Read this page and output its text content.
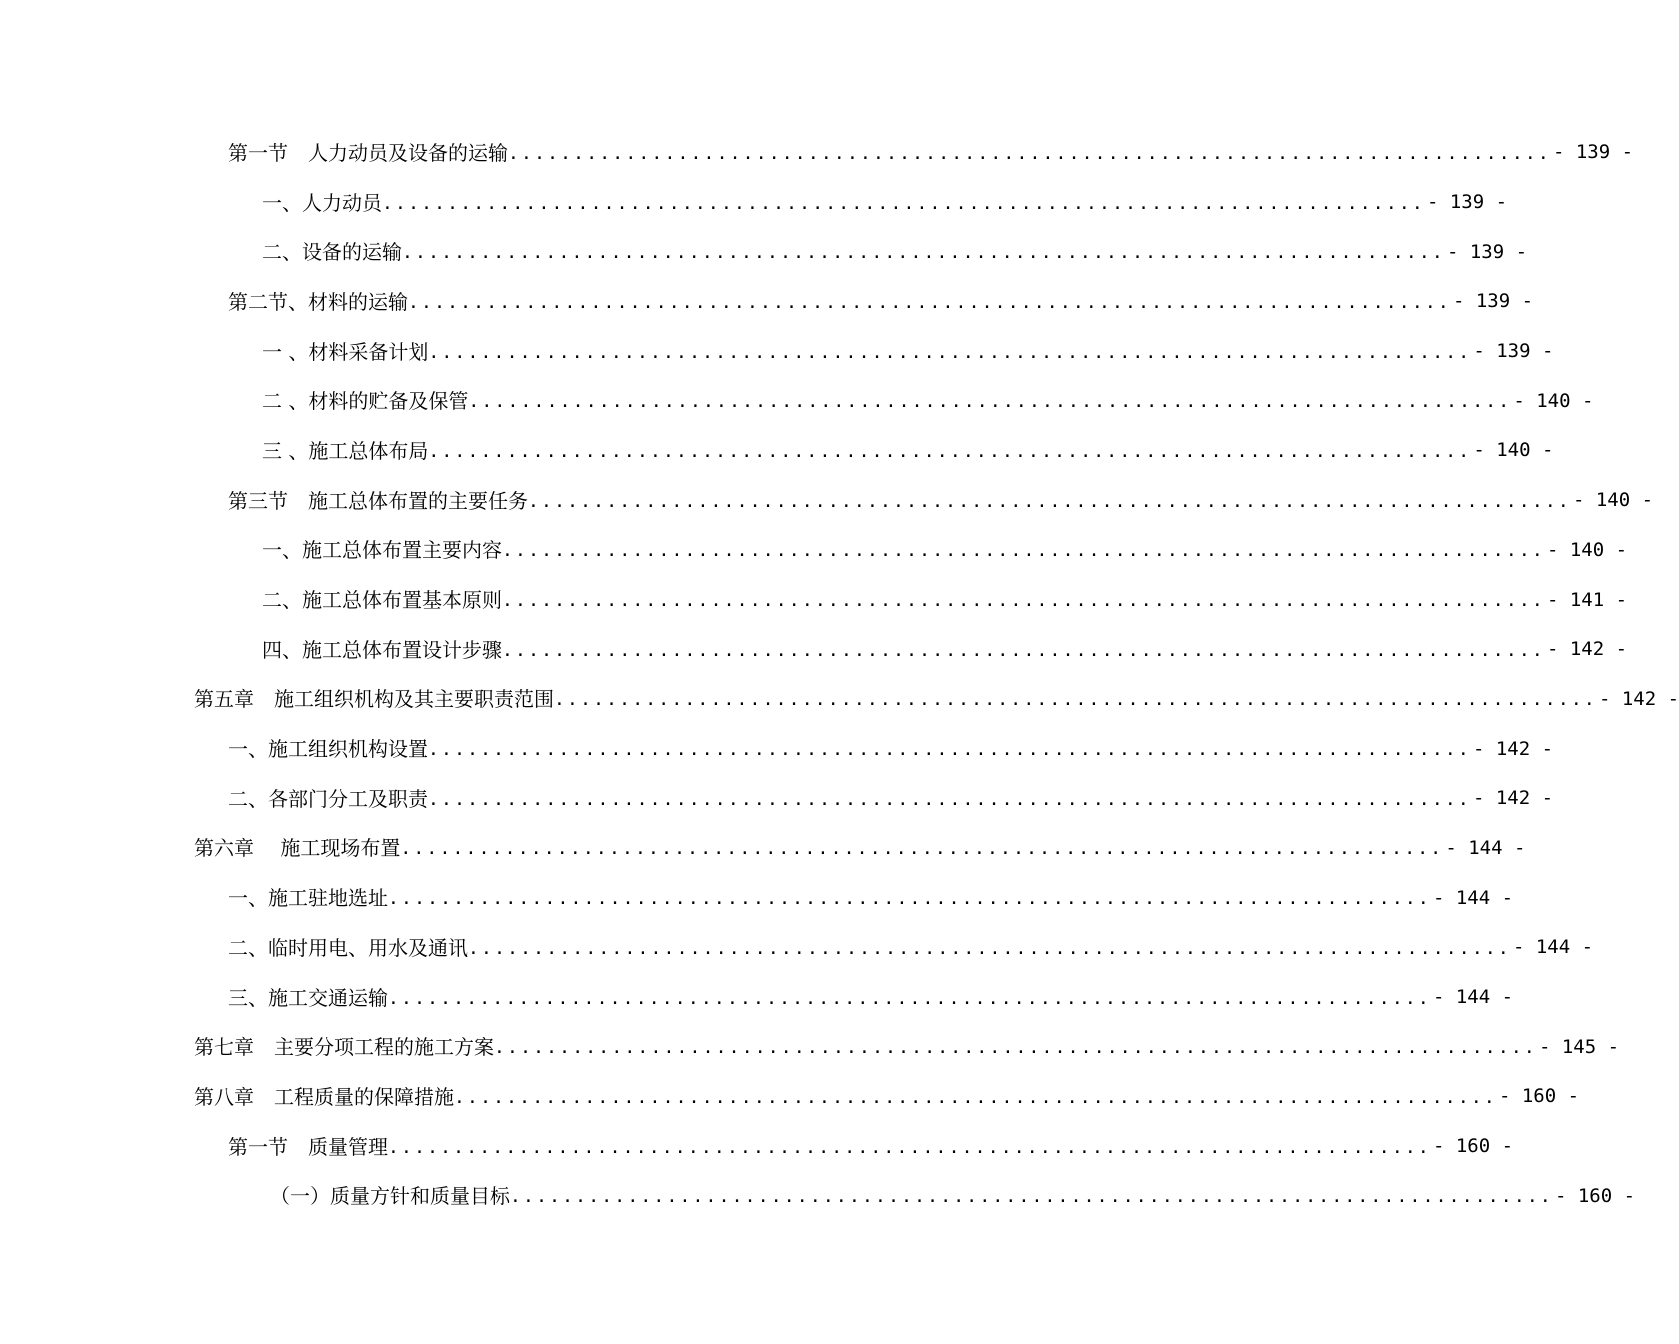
第一节　人力动员及设备的运输 ................................................................................ - 139 -
一、人力动员 ................................................................................ - 139 -
二、设备的运输 ................................................................................ - 139 -
第二节、材料的运输 ................................................................................ - 139 -
一 、材料采备计划 ................................................................................ - 139 -
二 、材料的贮备及保管 ................................................................................ - 140 -
三 、施工总体布局 ................................................................................ - 140 -
第三节　施工总体布置的主要任务 ................................................................................ - 140 -
一、施工总体布置主要内容 ................................................................................ - 140 -
二、施工总体布置基本原则 ................................................................................ - 141 -
四、施工总体布置设计步骤 ................................................................................ - 142 -
第五章　施工组织机构及其主要职责范围 ................................................................................ - 142 -
一、施工组织机构设置 ................................................................................ - 142 -
二、各部门分工及职责 ................................................................................ - 142 -
第六章　 施工现场布置 ................................................................................ - 144 -
一、施工驻地选址 ................................................................................ - 144 -
二、临时用电、用水及通讯 ................................................................................ - 144 -
三、施工交通运输 ................................................................................ - 144 -
第七章　主要分项工程的施工方案 ................................................................................ - 145 -
第八章　工程质量的保障措施 ................................................................................ - 160 -
第一节　质量管理 ................................................................................ - 160 -
（一）质量方针和质量目标 ................................................................................ - 160 -
